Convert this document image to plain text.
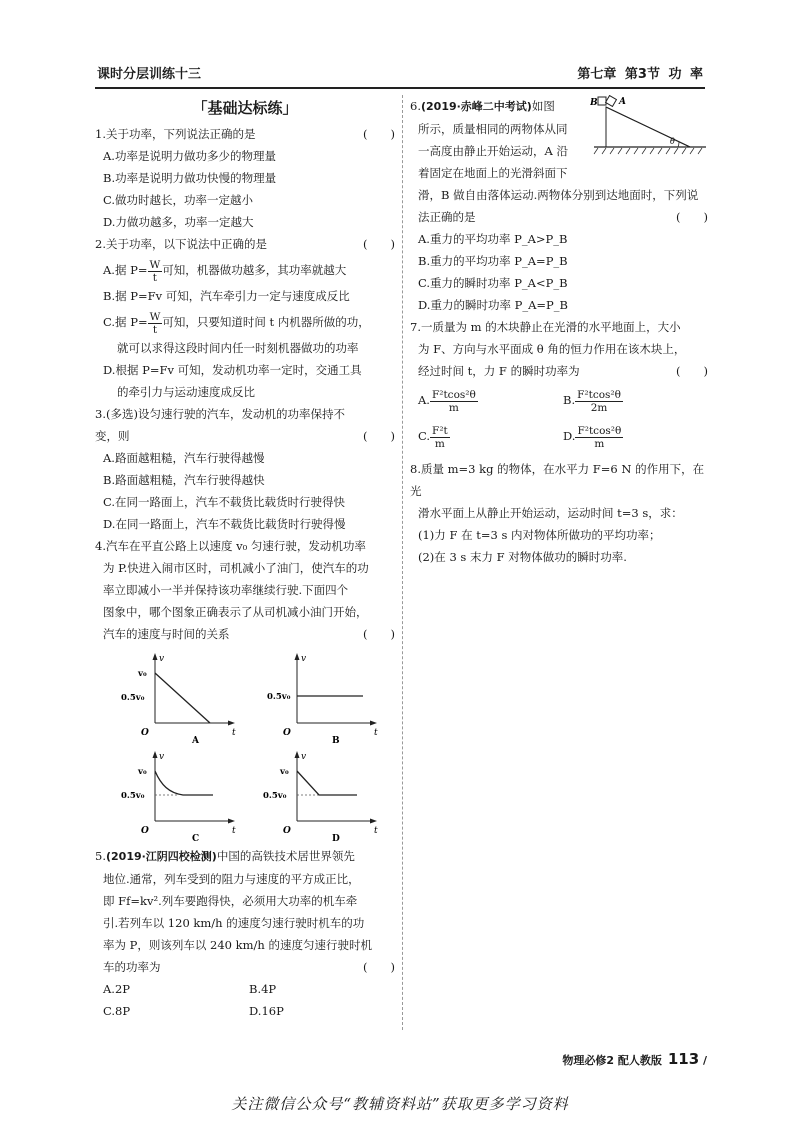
课时分层训练十三	第七章 第3节 功 率
「基础达标练」
1.关于功率，下列说法正确的是	(　　)
A.功率是说明力做功多少的物理量
B.功率是说明力做功快慢的物理量
C.做功时越长，功率一定越小
D.力做功越多，功率一定越大
2.关于功率，以下说法中正确的是	(　　)
A.据 $P= \frac{W}{t}$ 可知，机器做功越多，其功率就越大
B.据 P=Fv 可知，汽车牵引力一定与速度成反比
C.据 $P= \frac{W}{t}$ 可知，只要知道时间 t 内机器所做的功，
就可以求得这段时间内任一时刻机器做功的功率
D.根据 P=Fv 可知，发动机功率一定时，交通工具
的牵引力与运动速度成反比
3.(多选)设匀速行驶的汽车，发动机的功率保持不
变，则	(　　)
A.路面越粗糙，汽车行驶得越慢
B.路面越粗糙，汽车行驶得越快
C.在同一路面上，汽车不载货比载货时行驶得快
D.在同一路面上，汽车不载货比载货时行驶得慢
4.汽车在平直公路上以速度 v₀ 匀速行驶，发动机功率
为 P.快进入闹市区时，司机减小了油门，使汽车的功
率立即减小一半并保持该功率继续行驶.下面四个
图象中，哪个图象正确表示了从司机减小油门开始，
汽车的速度与时间的关系	(　　)
v
t
O
v₀
0.5v₀
A
v
t
O
0.5v₀
B
v
t
O
v₀
0.5v₀
C
v
t
O
v₀
0.5v₀
D
5.(2019·江阴四校检测)中国的高铁技术居世界领先
地位.通常，列车受到的阻力与速度的平方成正比，
即 Ff=kv².列车要跑得快，必须用大功率的机车牵
引.若列车以 120 km/h 的速度匀速行驶时机车的功
率为 P，则该列车以 240 km/h 的速度匀速行驶时机
车的功率为	(　　)
A.2P	B.4P
C.8P	D.16P
B A
θ
6.(2019·赤峰二中考试)如图
所示，质量相同的两物体从同
一高度由静止开始运动，A 沿
着固定在地面上的光滑斜面下
滑，B 做自由落体运动.两物体分别到达地面时，下列说
法正确的是	(　　)
A.重力的平均功率 P_A>P_B
B.重力的平均功率 P_A=P_B
C.重力的瞬时功率 P_A<P_B
D.重力的瞬时功率 P_A=P_B
7.一质量为 m 的木块静止在光滑的水平地面上，大小
为 F、方向与水平面成 θ 角的恒力作用在该木块上，
经过时间 t，力 F 的瞬时功率为	(　　)
A. $\frac{\text{F²tcos²θ}}{m}$	B. $\frac{\text{F²tcos²θ}}{2m}$
C. $\frac{\text{F²t}}{m}$	D. $\frac{\text{F²tcos²θ}}{m}$
8.质量 m=3 kg 的物体，在水平力 F=6 N 的作用下，在光
滑水平面上从静止开始运动，运动时间 t=3 s，求：
(1)力 F 在 t=3 s 内对物体所做功的平均功率；
(2)在 3 s 末力 F 对物体做功的瞬时功率.
物理必修2 配人教版 113 /
关注微信公众号“教辅资料站”获取更多学习资料
